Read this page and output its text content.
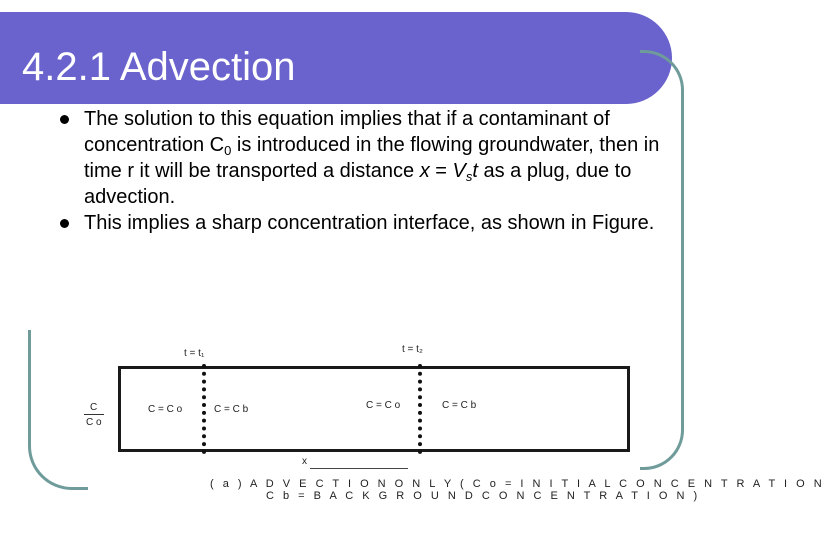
4.2.1 Advection
The solution to this equation implies that if a contaminant of concentration $C_0$ is introduced in the flowing groundwater, then in time r it will be transported a distance $x = V_st$ as a plug, due to advection.
This implies a sharp concentration interface, as shown in Figure.
t = t₁	t = t₂
C
C o
C = C o	C = C b	C = C o	C = C b
x
( a ) A D V E C T I O N O N L Y ( C o = I N I T I A L C O N C E N T R A T I O N
C b = B A C K G R O U N D C O N C E N T R A T I O N )
